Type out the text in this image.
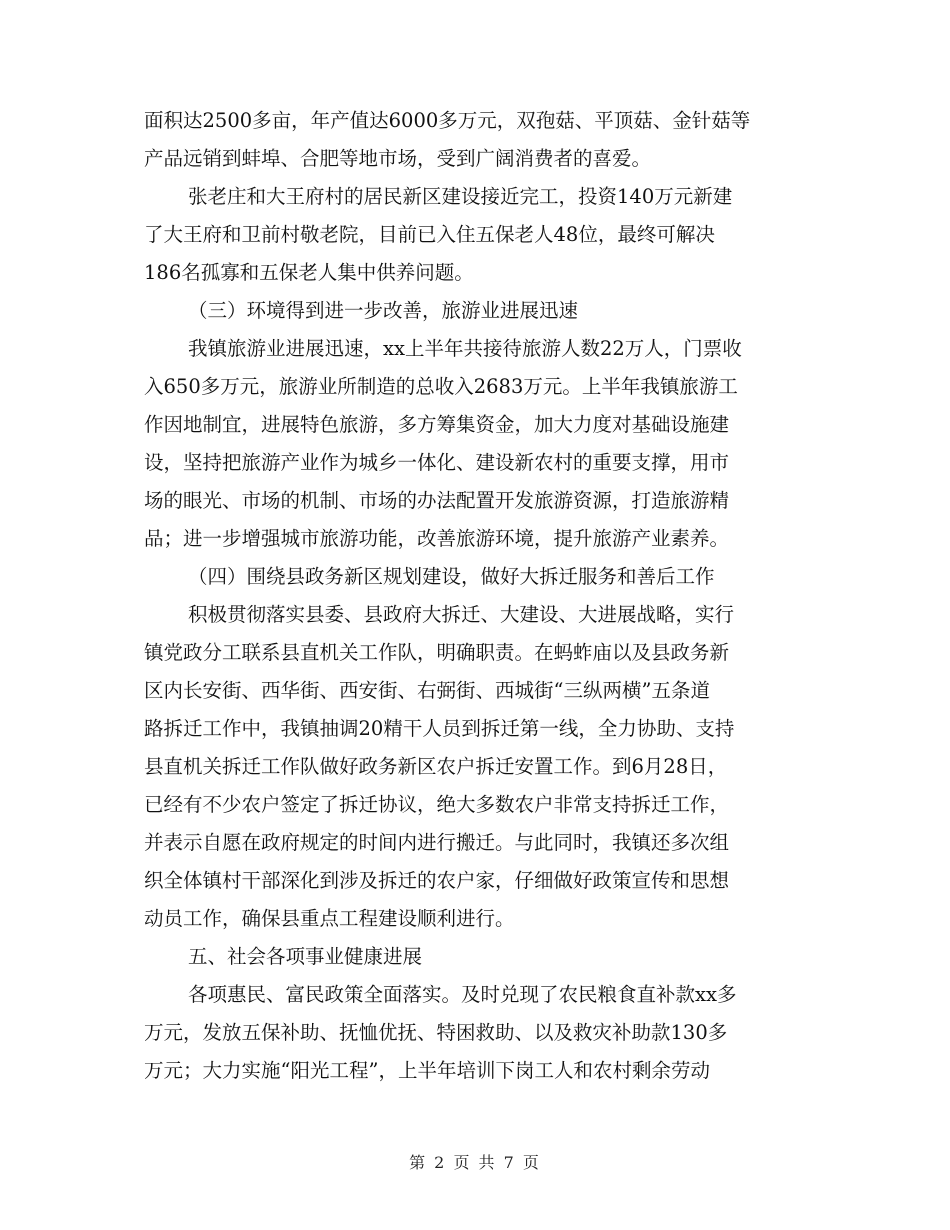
面积达2500多亩，年产值达6000多万元，双孢菇、平顶菇、金针菇等
产品远销到蚌埠、合肥等地市场，受到广阔消费者的喜爱。
张老庄和大王府村的居民新区建设接近完工，投资140万元新建
了大王府和卫前村敬老院，目前已入住五保老人48位，最终可解决
186名孤寡和五保老人集中供养问题。
（三）环境得到进一步改善，旅游业进展迅速
我镇旅游业进展迅速，xx上半年共接待旅游人数22万人，门票收
入650多万元，旅游业所制造的总收入2683万元。上半年我镇旅游工
作因地制宜，进展特色旅游，多方筹集资金，加大力度对基础设施建
设，坚持把旅游产业作为城乡一体化、建设新农村的重要支撑，用市
场的眼光、市场的机制、市场的办法配置开发旅游资源，打造旅游精
品；进一步增强城市旅游功能，改善旅游环境，提升旅游产业素养。
（四）围绕县政务新区规划建设，做好大拆迁服务和善后工作
积极贯彻落实县委、县政府大拆迁、大建设、大进展战略，实行
镇党政分工联系县直机关工作队，明确职责。在蚂蚱庙以及县政务新
区内长安街、西华街、西安街、右弼街、西城街“三纵两横”五条道
路拆迁工作中，我镇抽调20精干人员到拆迁第一线，全力协助、支持
县直机关拆迁工作队做好政务新区农户拆迁安置工作。到6月28日，
已经有不少农户签定了拆迁协议，绝大多数农户非常支持拆迁工作，
并表示自愿在政府规定的时间内进行搬迁。与此同时，我镇还多次组
织全体镇村干部深化到涉及拆迁的农户家，仔细做好政策宣传和思想
动员工作，确保县重点工程建设顺利进行。
五、社会各项事业健康进展
各项惠民、富民政策全面落实。及时兑现了农民粮食直补款xx多
万元，发放五保补助、抚恤优抚、特困救助、以及救灾补助款130多
万元；大力实施“阳光工程”，上半年培训下岗工人和农村剩余劳动
第 2 页 共 7 页
